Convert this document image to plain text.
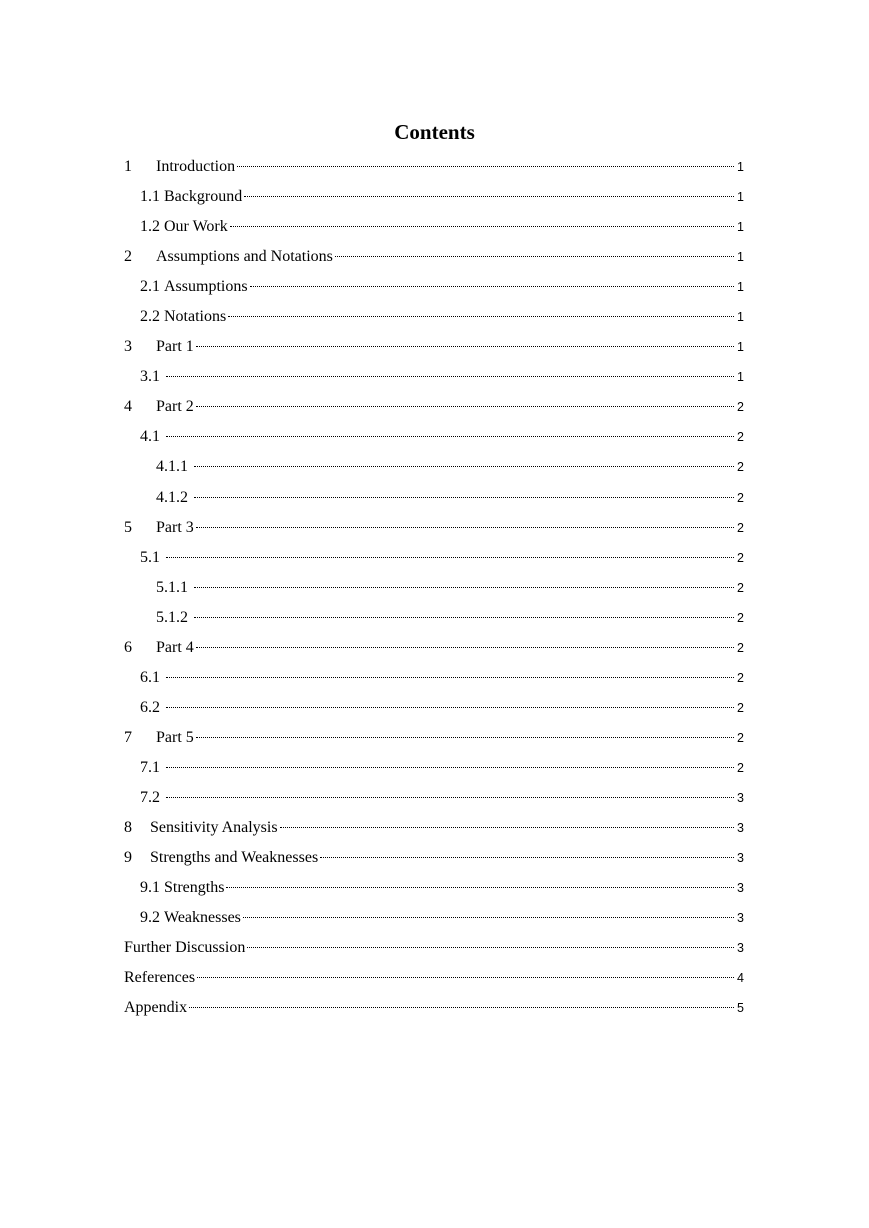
Contents
1	Introduction	1
1.1 Background	1
1.2 Our Work	1
2	Assumptions and Notations	1
2.1 Assumptions	1
2.2 Notations	1
3	Part 1	1
3.1	1
4	Part 2	2
4.1	2
4.1.1	2
4.1.2	2
5	Part 3	2
5.1	2
5.1.1	2
5.1.2	2
6	Part 4	2
6.1	2
6.2	2
7	Part 5	2
7.1	2
7.2	3
8	Sensitivity Analysis	3
9	Strengths and Weaknesses	3
9.1 Strengths	3
9.2 Weaknesses	3
Further Discussion	3
References	4
Appendix	5
